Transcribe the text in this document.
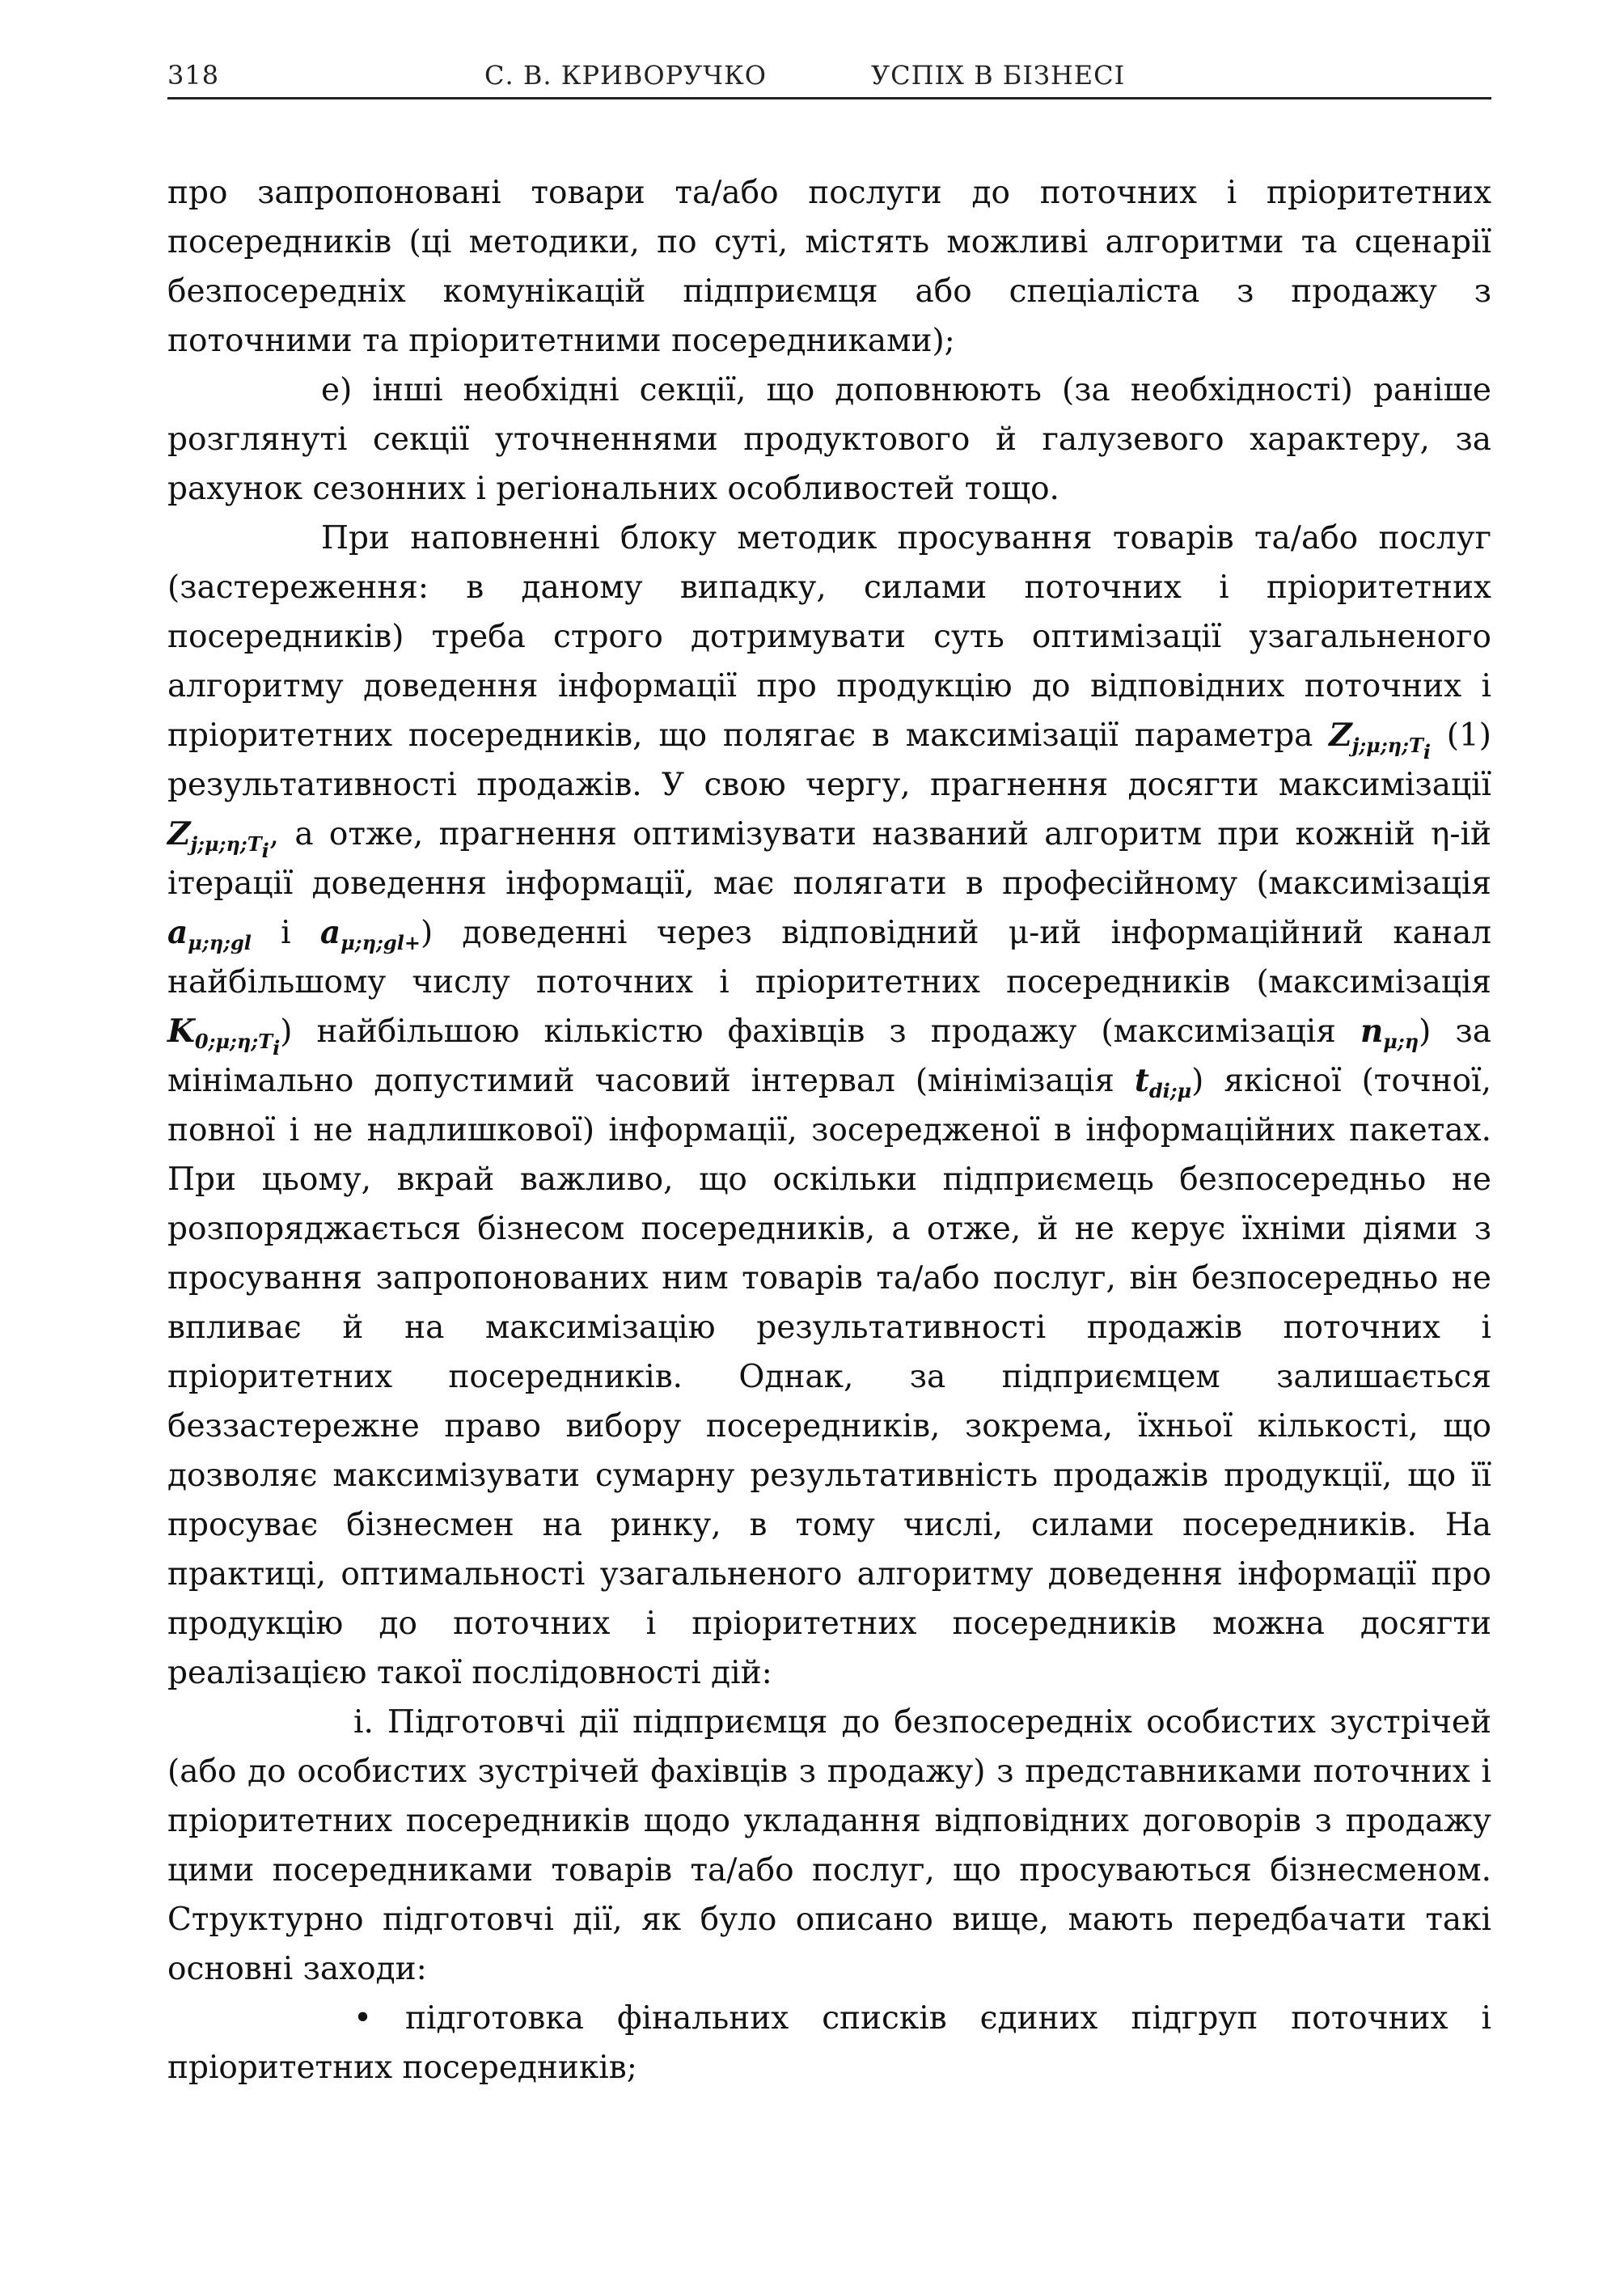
318	С. В. КРИВОРУЧКО	УСПІХ В БІЗНЕСІ

про запропоновані товари та/або послуги до поточних і пріоритетних посередників (ці методики, по суті, містять можливі алгоритми та сценарії безпосередніх комунікацій підприємця або спеціаліста з продажу з поточними та пріоритетними посередниками);

е) інші необхідні секції, що доповнюють (за необхідності) раніше розглянуті секції уточненнями продуктового й галузевого характеру, за рахунок сезонних і регіональних особливостей тощо.

При наповненні блоку методик просування товарів та/або послуг (застереження: в даному випадку, силами поточних і пріоритетних посередників) треба строго дотримувати суть оптимізації узагальненого алгоритму доведення інформації про продукцію до відповідних поточних і пріоритетних посередників, що полягає в максимізації параметра $Z_{j;\mu;\eta;T_i}$ (1) результативності продажів. У свою чергу, прагнення досягти максимізації $Z_{j;\mu;\eta;T_i}$, а отже, прагнення оптимізувати названий алгоритм при кожній η-ій ітерації доведення інформації, має полягати в професійному (максимізація $a_{\mu;\eta;gl}$ і $a_{\mu;\eta;gl+}$) доведенні через відповідний μ-ий інформаційний канал найбільшому числу поточних і пріоритетних посередників (максимізація $K_{0;\mu;\eta;T_i}$) найбільшою кількістю фахівців з продажу (максимізація $n_{\mu;\eta}$) за мінімально допустимий часовий інтервал (мінімізація $t_{di;\mu}$) якісної (точної, повної і не надлишкової) інформації, зосередженої в інформаційних пакетах. При цьому, вкрай важливо, що оскільки підприємець безпосередньо не розпоряджається бізнесом посередників, а отже, й не керує їхніми діями з просування запропонованих ним товарів та/або послуг, він безпосередньо не впливає й на максимізацію результативності продажів поточних і пріоритетних посередників. Однак, за підприємцем залишається беззастережне право вибору посередників, зокрема, їхньої кількості, що дозволяє максимізувати сумарну результативність продажів продукції, що її просуває бізнесмен на ринку, в тому числі, силами посередників. На практиці, оптимальності узагальненого алгоритму доведення інформації про продукцію до поточних і пріоритетних посередників можна досягти реалізацією такої послідовності дій:

i. Підготовчі дії підприємця до безпосередніх особистих зустрічей (або до особистих зустрічей фахівців з продажу) з представниками поточних і пріоритетних посередників щодо укладання відповідних договорів з продажу цими посередниками товарів та/або послуг, що просуваються бізнесменом. Структурно підготовчі дії, як було описано вище, мають передбачати такі основні заходи:

• підготовка фінальних списків єдиних підгруп поточних і пріоритетних посередників;
